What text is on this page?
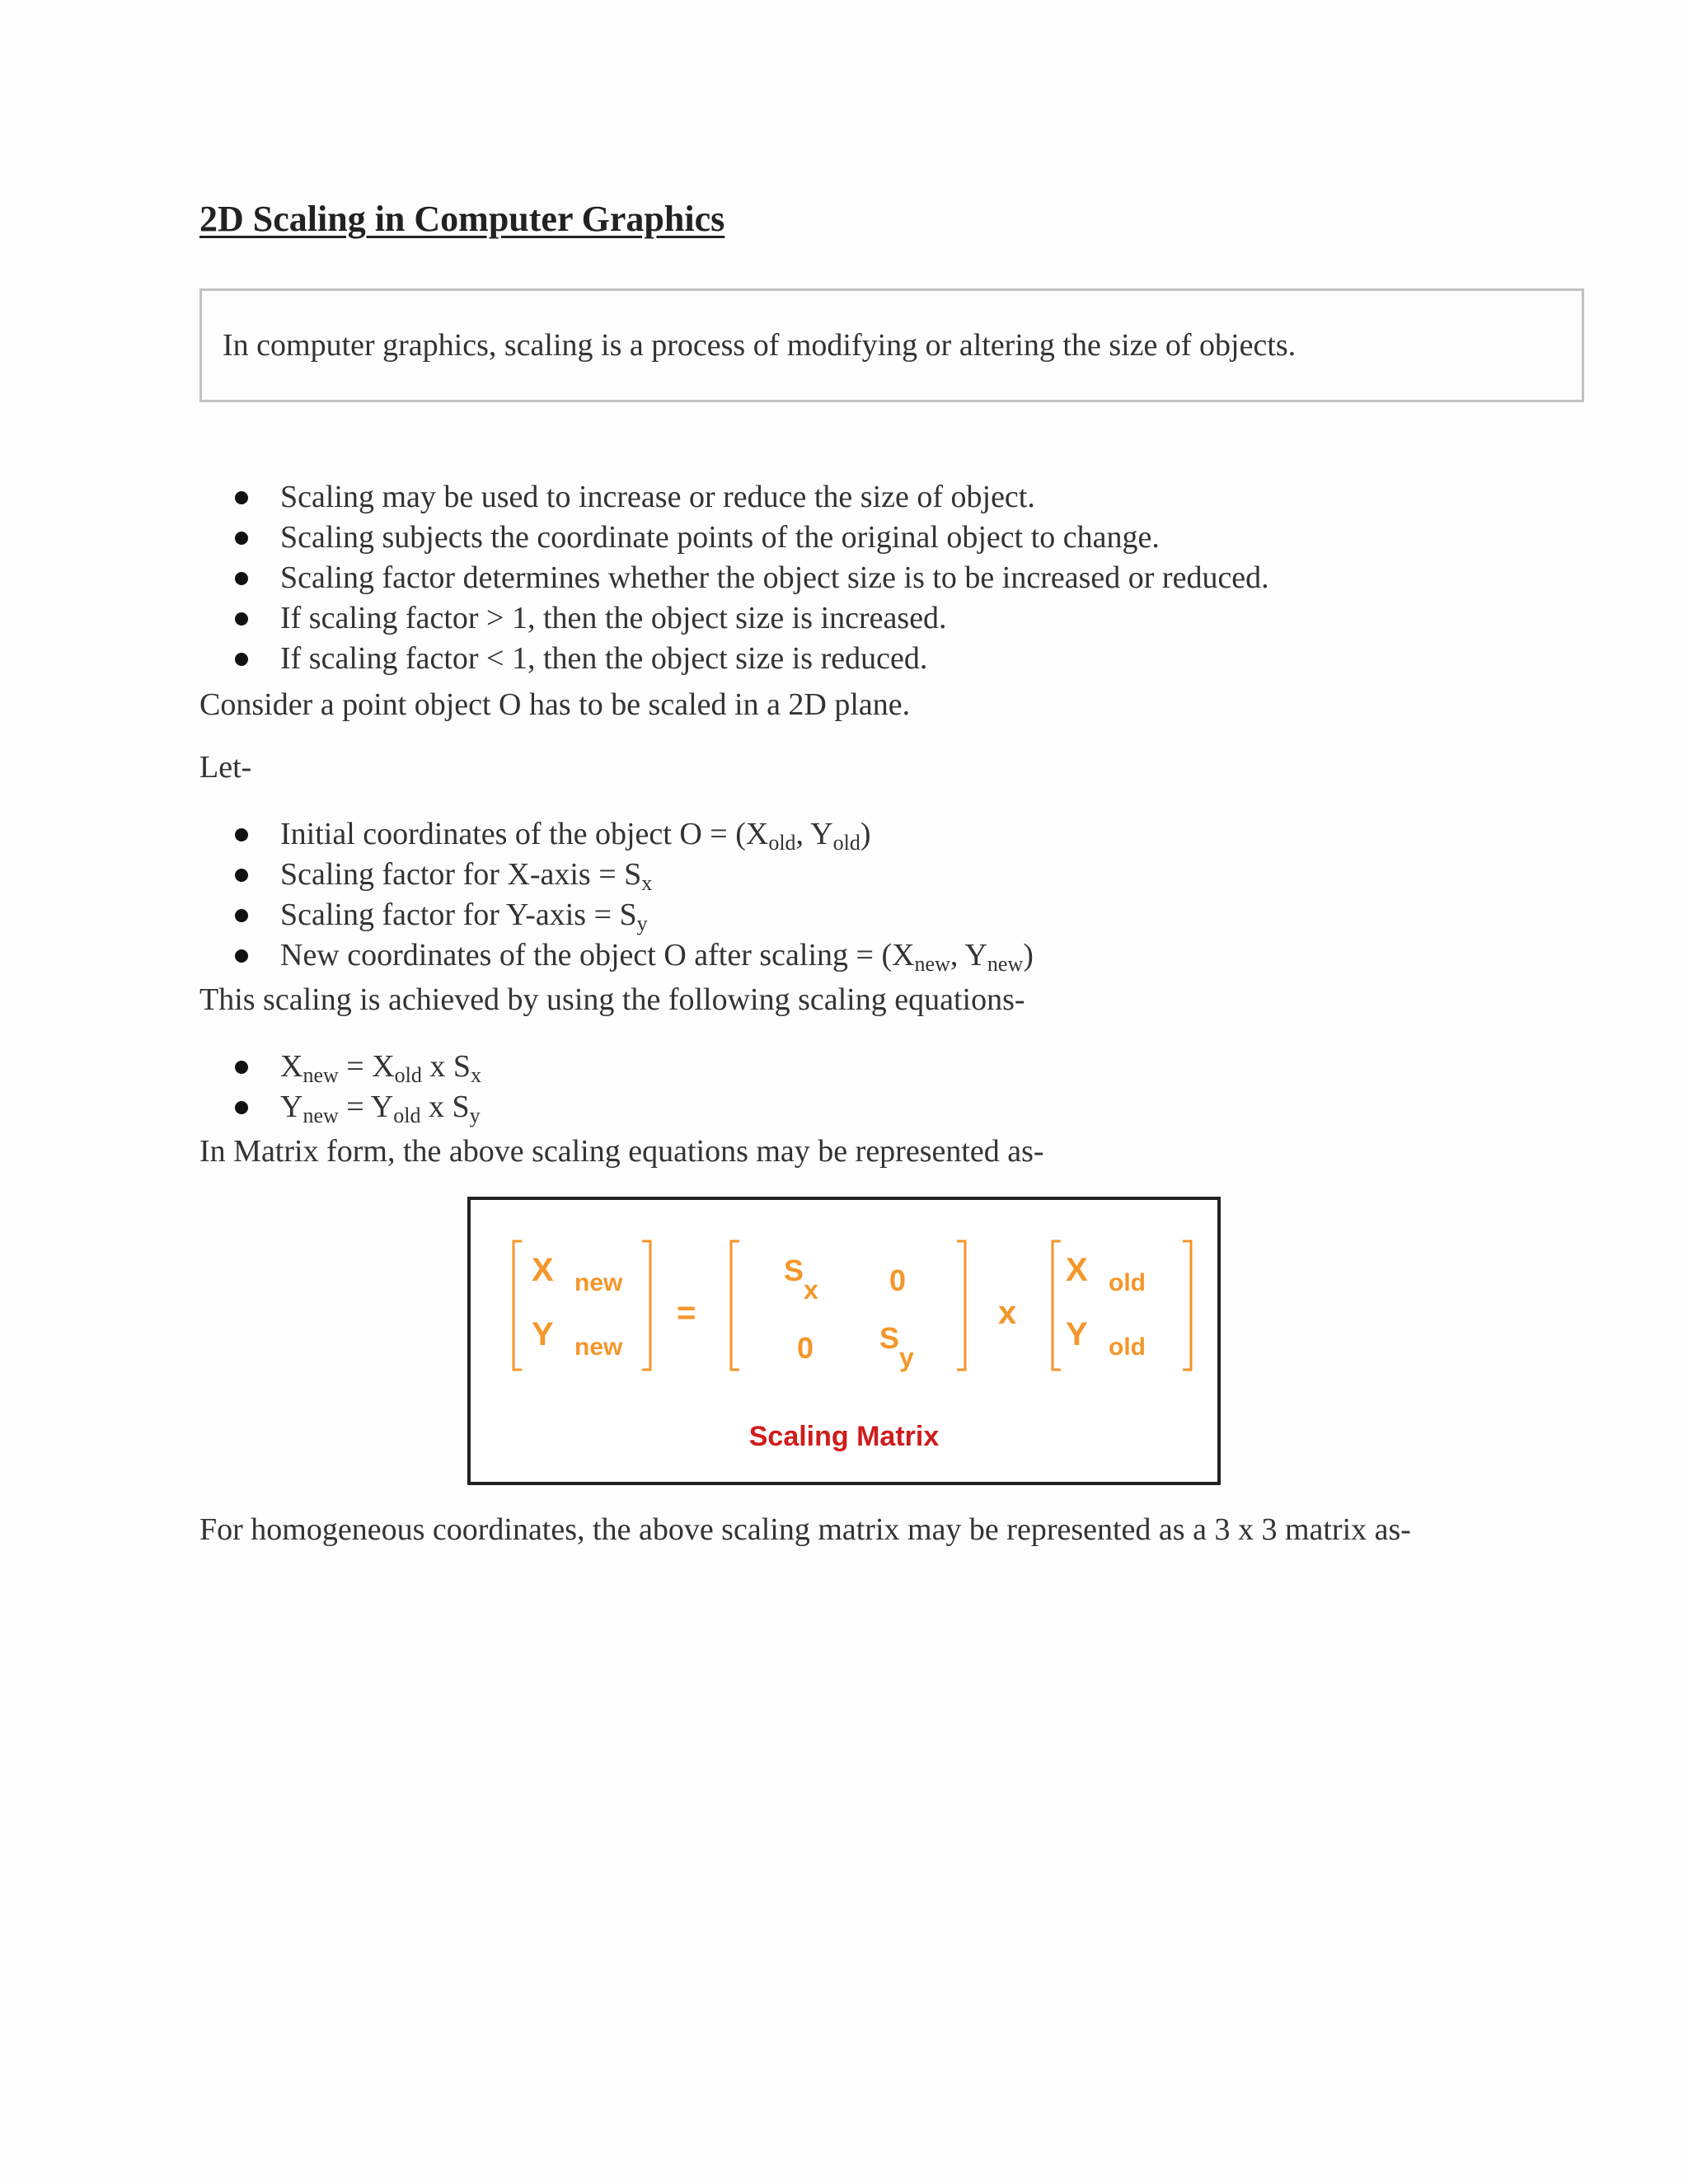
2D Scaling in Computer Graphics
In computer graphics, scaling is a process of modifying or altering the size of objects.
Scaling may be used to increase or reduce the size of object.
Scaling subjects the coordinate points of the original object to change.
Scaling factor determines whether the object size is to be increased or reduced.
If scaling factor > 1, then the object size is increased.
If scaling factor < 1, then the object size is reduced.

Consider a point object O has to be scaled in a 2D plane.

Let-

Initial coordinates of the object $O = (X_{old}$, $Y_{old}$)
Scaling factor for X-axis = $S_x$
Scaling factor for Y-axis = $S_y$
New coordinates of the object O after scaling = ($X_{new}$, $Y_{new}$)

This scaling is achieved by using the following scaling equations-

$X_{new} = X_{old}$ x $S_x$
$Y_{new} = Y_{old}$ x $S_y$

In Matrix form, the above scaling equations may be represented as-

X new
Y new
=
S
x 0
0 S
y
x
X old
Y old
Scaling Matrix

For homogeneous coordinates, the above scaling matrix may be represented as a 3 x 3 matrix as-
